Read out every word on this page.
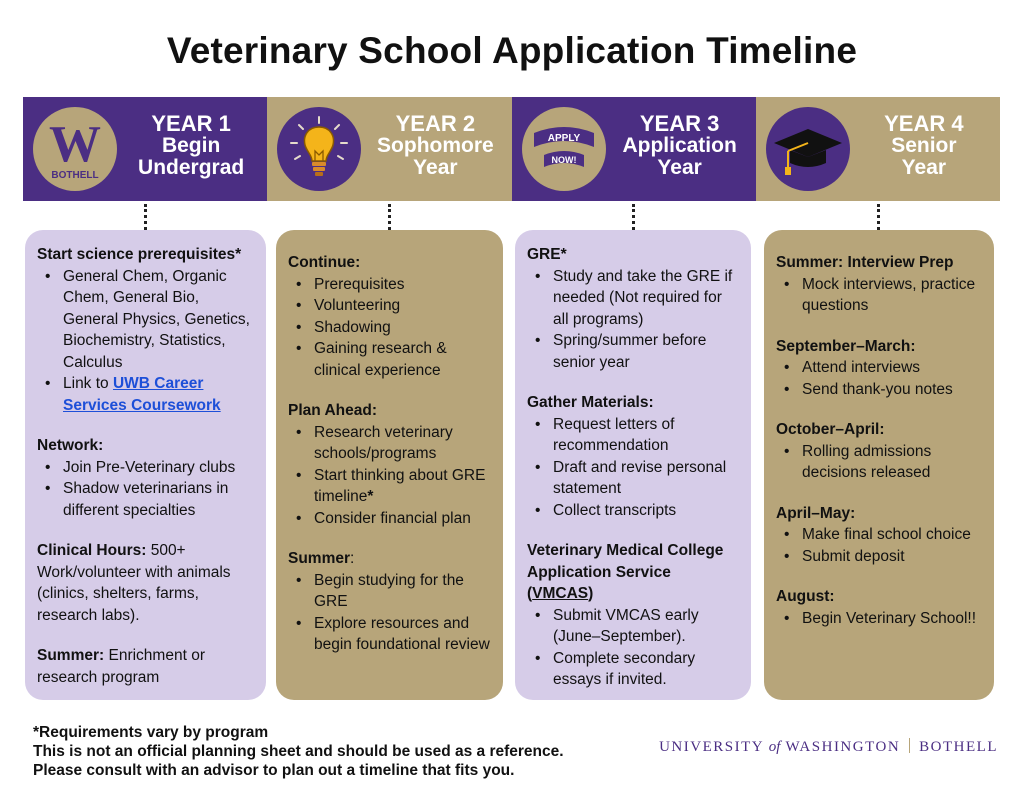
Veterinary School Application Timeline
W
BOTHELL
YEAR 1
Begin
Undergrad
YEAR 2
Sophomore
Year
APPLY
NOW!
YEAR 3
Application
Year
YEAR 4
Senior
Year
Start science prerequisites*
• General Chem, Organic Chem, General Bio, General Physics, Genetics, Biochemistry, Statistics, Calculus
• Link to UWB Career Services Coursework
Network:
• Join Pre-Veterinary clubs
• Shadow veterinarians in different specialties
Clinical Hours: 500+ Work/volunteer with animals (clinics, shelters, farms, research labs).
Summer: Enrichment or research program
Continue:
• Prerequisites
• Volunteering
• Shadowing
• Gaining research & clinical experience
Plan Ahead:
• Research veterinary schools/programs
• Start thinking about GRE timeline*
• Consider financial plan
Summer:
• Begin studying for the GRE
• Explore resources and begin foundational review
GRE*
• Study and take the GRE if needed (Not required for all programs)
• Spring/summer before senior year
Gather Materials:
• Request letters of recommendation
• Draft and revise personal statement
• Collect transcripts
Veterinary Medical College Application Service (VMCAS)
• Submit VMCAS early (June–September).
• Complete secondary essays if invited.
Summer: Interview Prep
• Mock interviews, practice questions
September–March:
• Attend interviews
• Send thank-you notes
October–April:
• Rolling admissions decisions released
April–May:
• Make final school choice
• Submit deposit
August:
• Begin Veterinary School!!
*Requirements vary by program
This is not an official planning sheet and should be used as a reference.
Please consult with an advisor to plan out a timeline that fits you.
UNIVERSITY of WASHINGTON BOTHELL
